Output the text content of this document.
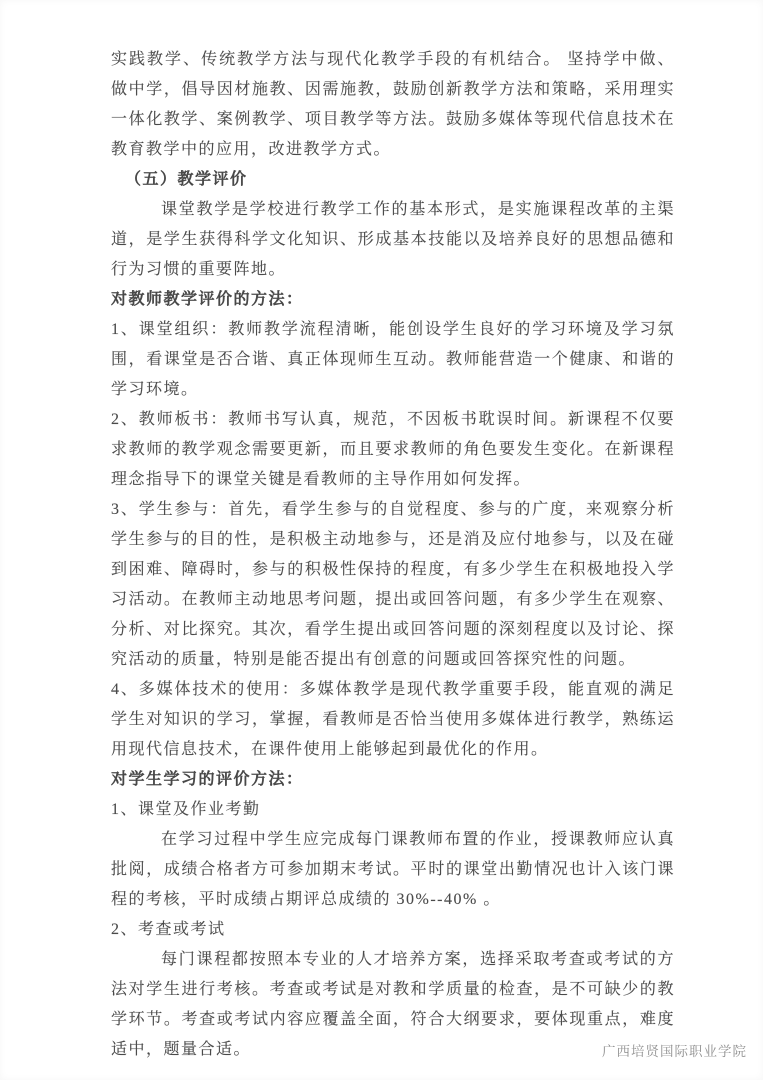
实践教学、传统教学方法与现代化教学手段的有机结合。 坚持学中做、做中学，倡导因材施教、因需施教，鼓励创新教学方法和策略，采用理实一体化教学、案例教学、项目教学等方法。鼓励多媒体等现代信息技术在教育教学中的应用，改进教学方式。

（五）教学评价

课堂教学是学校进行教学工作的基本形式，是实施课程改革的主渠道，是学生获得科学文化知识、形成基本技能以及培养良好的思想品德和行为习惯的重要阵地。

对教师教学评价的方法：

1、课堂组织：教师教学流程清晰，能创设学生良好的学习环境及学习氛围，看课堂是否合谐、真正体现师生互动。教师能营造一个健康、和谐的学习环境。

2、教师板书：教师书写认真，规范，不因板书耽误时间。新课程不仅要求教师的教学观念需要更新，而且要求教师的角色要发生变化。在新课程理念指导下的课堂关键是看教师的主导作用如何发挥。

3、学生参与：首先，看学生参与的自觉程度、参与的广度，来观察分析学生参与的目的性，是积极主动地参与，还是消及应付地参与，以及在碰到困难、障碍时，参与的积极性保持的程度，有多少学生在积极地投入学习活动。在教师主动地思考问题，提出或回答问题，有多少学生在观察、分析、对比探究。其次，看学生提出或回答问题的深刻程度以及讨论、探究活动的质量，特别是能否提出有创意的问题或回答探究性的问题。

4、多媒体技术的使用：多媒体教学是现代教学重要手段，能直观的满足学生对知识的学习，掌握，看教师是否恰当使用多媒体进行教学，熟练运用现代信息技术，在课件使用上能够起到最优化的作用。

对学生学习的评价方法：

1、课堂及作业考勤

在学习过程中学生应完成每门课教师布置的作业，授课教师应认真批阅，成绩合格者方可参加期末考试。平时的课堂出勤情况也计入该门课程的考核，平时成绩占期评总成绩的 30%--40% 。

2、考查或考试

每门课程都按照本专业的人才培养方案，选择采取考查或考试的方法对学生进行考核。考查或考试是对教和学质量的检查，是不可缺少的教学环节。考查或考试内容应覆盖全面，符合大纲要求，要体现重点，难度适中，题量合适。	广西培贤国际职业学院
